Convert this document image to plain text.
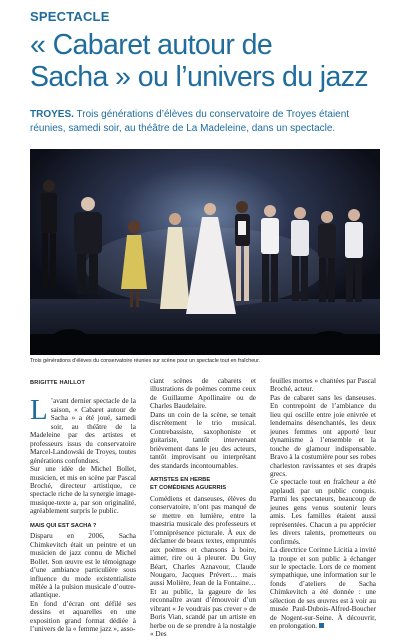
SPECTACLE
« Cabaret autour de
Sacha » ou l’univers du jazz
TROYES. Trois générations d’élèves du conservatoire de Troyes étaient réunies, samedi soir, au théâtre de La Madeleine, dans un spectacle.
Trois générations d’élèves du conservatoire réunies sur scène pour un spectacle tout en fraîcheur.
BRIGITTE HAILLOT

L ’avant dernier spectacle de la saison, « Cabaret autour de Sacha » a été joué, samedi soir, au théâtre de la Madeleine par des artistes et professeurs issus du conservatoire Marcel-Landowski de Troyes, toutes générations confondues.

Sur une idée de Michel Bollet, musicien, et mis en scène par Pascal Broché, directeur artistique, ce spectacle riche de la synergie image-musique-texte a, par son originalité, agréablement surpris le public.

MAIS QUI EST SACHA ?

Disparu en 2006, Sacha Chimkevitch était un peintre et un musicien de jazz connu de Michel Bollet. Son œuvre est le témoignage d’une ambiance particulière sous influence du mode existentialiste mêlée à la pulsion musicale d’outre-atlantique.

En fond d’écran ont défilé ses dessins et aquarelles en une exposition grand format dédiée à l’univers de la « femme jazz », asso-

ciant scènes de cabarets et illustrations de poèmes comme ceux de Guillaume Apollinaire ou de Charles Baudelaire.

Dans un coin de la scène, se tenait discrètement le trio musical. Contrebassiste, saxophoniste et guitariste, tantôt intervenant brièvement dans le jeu des acteurs, tantôt improvisant ou interprétant des standards incontournables.

ARTISTES EN HERBE
ET COMÉDIENS AGUERRIS

Comédiens et danseuses, élèves du conservatoire, n’ont pas manqué de se mettre en lumière, entre la maestria musicale des professeurs et l’omniprésence picturale. À eux de déclamer de beaux textes, empruntés aux poèmes et chansons à boire, aimer, rire ou à pleurer. Du Guy Béart, Charles Aznavour, Claude Nougaro, Jacques Prévert… mais aussi Molière, Jean de la Fontaine… Et au public, la gageure de les reconnaître avant d’émouvoir d’un vibrant « Je voudrais pas crever » de Boris Vian, scandé par un artiste en herbe ou de se prendre à la nostalgie « Des

feuilles mortes » chantées par Pascal Broché, acteur.

Pas de cabaret sans les danseuses. En contrepoint de l’ambiance du lieu qui oscille entre joie enivrée et lendemains désenchantés, les deux jeunes femmes ont apporté leur dynamisme à l’ensemble et la touche de glamour indispensable. Bravo à la costumière pour ses robes charleston ravissantes et ses drapés grecs.

Ce spectacle tout en fraîcheur a été applaudi par un public conquis. Parmi les spectateurs, beaucoup de jeunes gens venus soutenir leurs amis. Les familles étaient aussi représentées. Chacun a pu apprécier les divers talents, prometteurs ou confirmés.

La directrice Corinne Licitia a invité la troupe et son public à échanger sur le spectacle. Lors de ce moment sympathique, une information sur le fonds d’ateliers de Sacha Chimkevitch a été donnée : une sélection de ses œuvres est à voir au musée Paul-Dubois-Alfred-Boucher de Nogent-sur-Seine. À découvrir, en prolongation.
